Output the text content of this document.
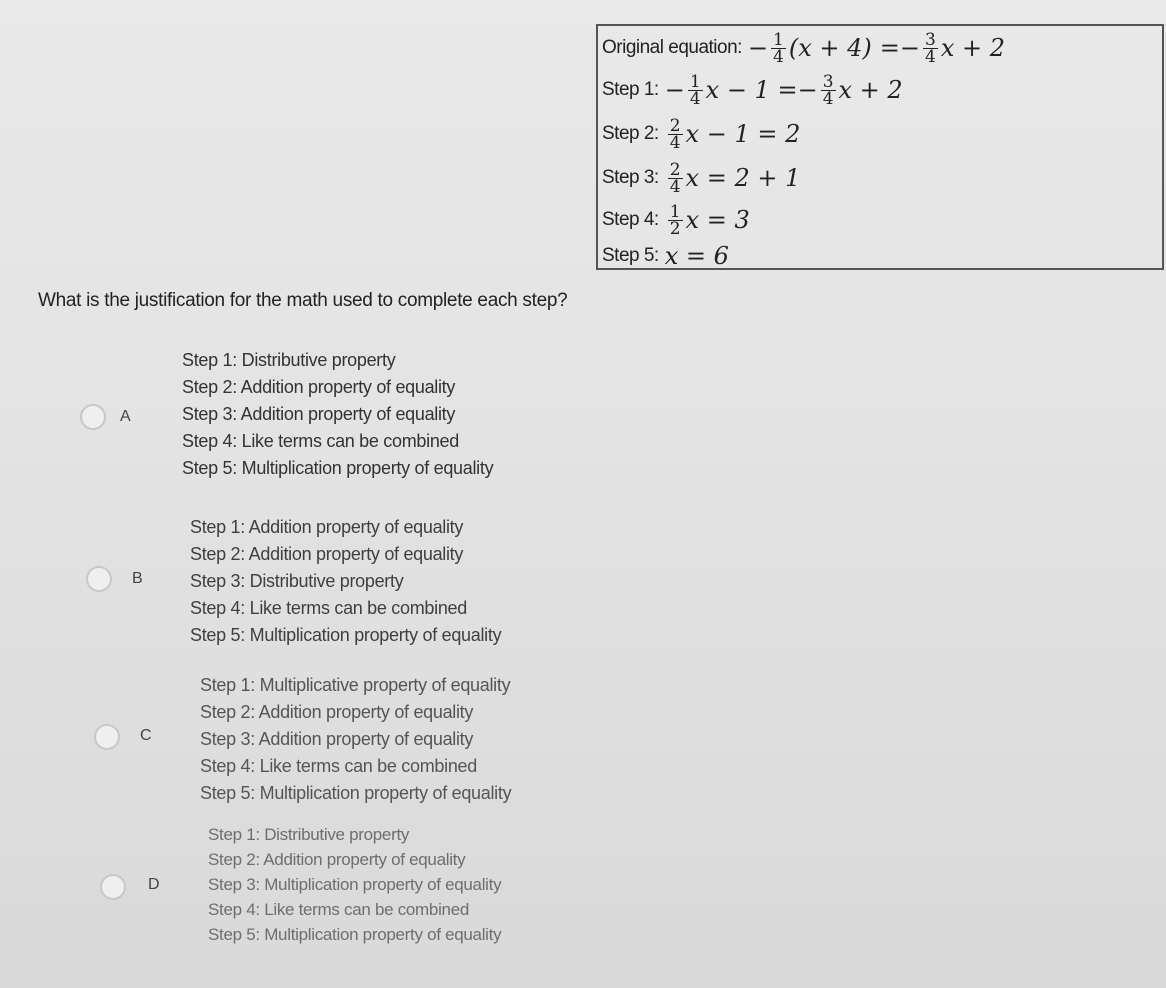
Original equation: − $\frac{1}{4} (x + 4) =- \frac{3}{4}$ x + 2
Step 1: − $\frac{1}{4}$ $x - 1 =- \frac{3}{4}$ x + 2
Step 2: $\frac{2}{4}$ x − 1 = 2
Step 3: $\frac{2}{4}$ x = 2 + 1
Step 4: $\frac{1}{2}$ x = 3
Step 5: x = 6
What is the justification for the math used to complete each step?
A
Step 1: Distributive property
Step 2: Addition property of equality
Step 3: Addition property of equality
Step 4: Like terms can be combined
Step 5: Multiplication property of equality
B
Step 1: Addition property of equality
Step 2: Addition property of equality
Step 3: Distributive property
Step 4: Like terms can be combined
Step 5: Multiplication property of equality
C
Step 1: Multiplicative property of equality
Step 2: Addition property of equality
Step 3: Addition property of equality
Step 4: Like terms can be combined
Step 5: Multiplication property of equality
D
Step 1: Distributive property
Step 2: Addition property of equality
Step 3: Multiplication property of equality
Step 4: Like terms can be combined
Step 5: Multiplication property of equality
